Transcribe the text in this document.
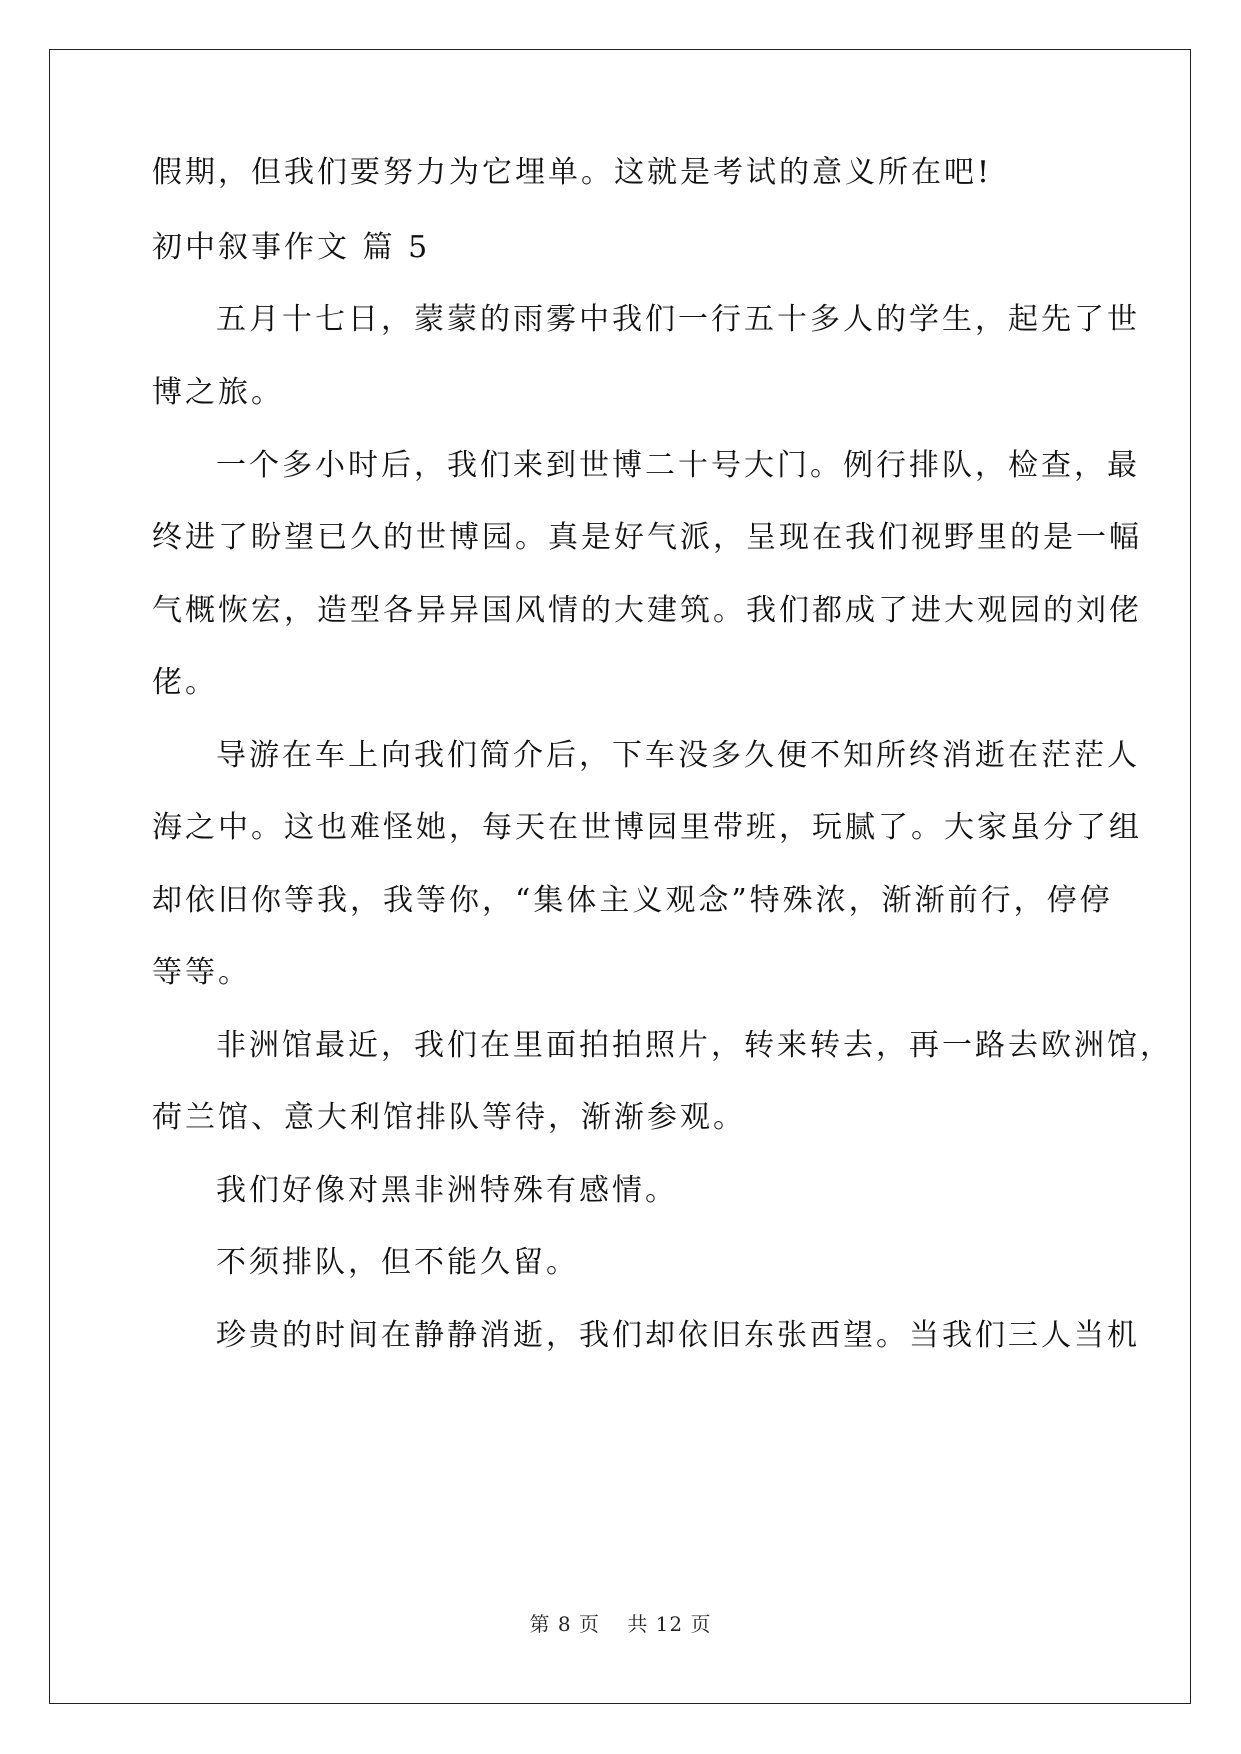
假期，但我们要努力为它埋单。这就是考试的意义所在吧!
初中叙事作文 篇 5
五月十七日，蒙蒙的雨雾中我们一行五十多人的学生，起先了世
博之旅。
一个多小时后，我们来到世博二十号大门。例行排队，检查，最
终进了盼望已久的世博园。真是好气派，呈现在我们视野里的是一幅
气概恢宏，造型各异异国风情的大建筑。我们都成了进大观园的刘佬
佬。
导游在车上向我们简介后，下车没多久便不知所终消逝在茫茫人
海之中。这也难怪她，每天在世博园里带班，玩腻了。大家虽分了组
却依旧你等我，我等你，“集体主义观念”特殊浓，渐渐前行，停停
等等。
非洲馆最近，我们在里面拍拍照片，转来转去，再一路去欧洲馆，
荷兰馆、意大利馆排队等待，渐渐参观。
我们好像对黑非洲特殊有感情。
不须排队，但不能久留。
珍贵的时间在静静消逝，我们却依旧东张西望。当我们三人当机
第 8 页 共 12 页
